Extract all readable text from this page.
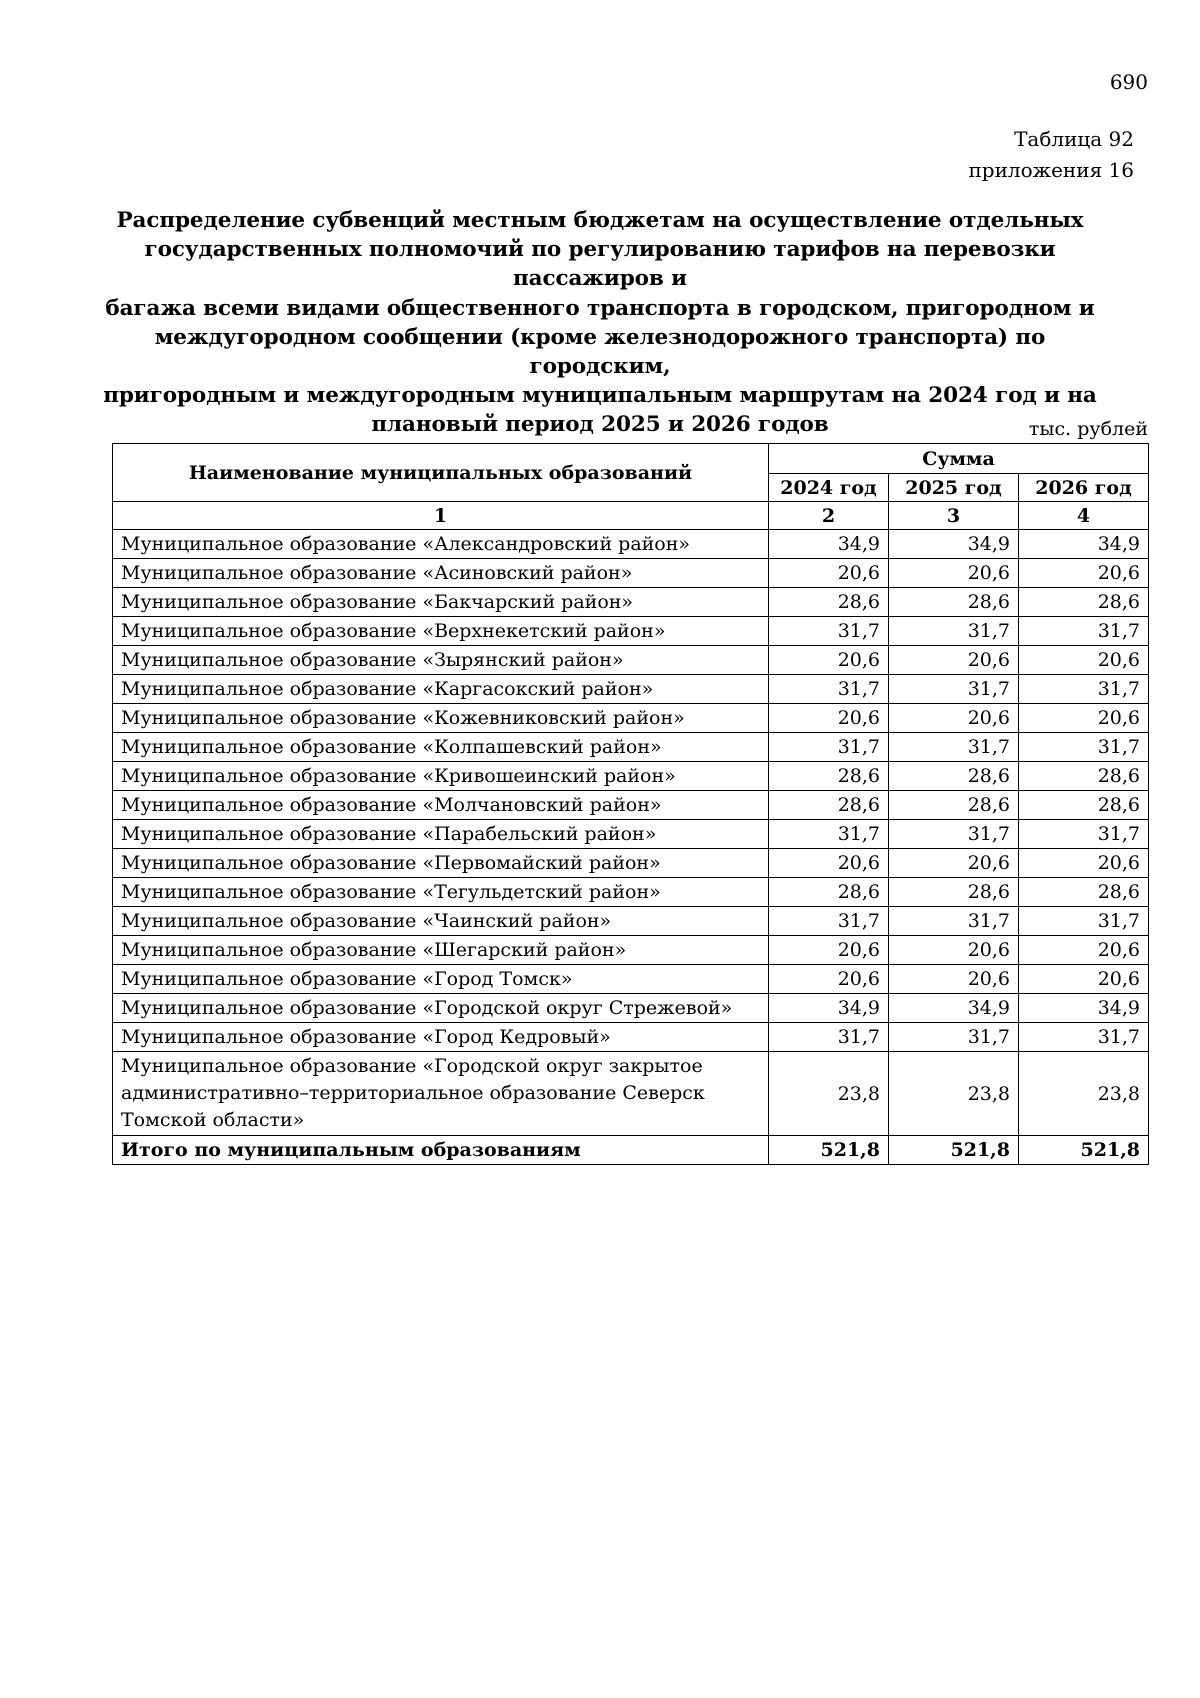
690
Таблица 92
приложения 16
Распределение субвенций местным бюджетам на осуществление отдельных
государственных полномочий по регулированию тарифов на перевозки пассажиров и
багажа всеми видами общественного транспорта в городском, пригородном и
междугородном сообщении (кроме железнодорожного транспорта) по городским,
пригородным и междугородным муниципальным маршрутам на 2024 год и на
плановый период 2025 и 2026 годов	тыс. рублей
Наименование муниципальных образований	Сумма		
	2024 год	2025 год	2026 год
1	2	3	4
Муниципальное образование «Александровский район»	34,9	34,9	34,9
Муниципальное образование «Асиновский район»	20,6	20,6	20,6
Муниципальное образование «Бакчарский район»	28,6	28,6	28,6
Муниципальное образование «Верхнекетский район»	31,7	31,7	31,7
Муниципальное образование «Зырянский район»	20,6	20,6	20,6
Муниципальное образование «Каргасокский район»	31,7	31,7	31,7
Муниципальное образование «Кожевниковский район»	20,6	20,6	20,6
Муниципальное образование «Колпашевский район»	31,7	31,7	31,7
Муниципальное образование «Кривошеинский район»	28,6	28,6	28,6
Муниципальное образование «Молчановский район»	28,6	28,6	28,6
Муниципальное образование «Парабельский район»	31,7	31,7	31,7
Муниципальное образование «Первомайский район»	20,6	20,6	20,6
Муниципальное образование «Тегульдетский район»	28,6	28,6	28,6
Муниципальное образование «Чаинский район»	31,7	31,7	31,7
Муниципальное образование «Шегарский район»	20,6	20,6	20,6
Муниципальное образование «Город Томск»	20,6	20,6	20,6
Муниципальное образование «Городской округ Стрежевой»	34,9	34,9	34,9
Муниципальное образование «Город Кедровый»	31,7	31,7	31,7
Муниципальное образование «Городской округ закрытое административно–территориальное образование Северск Томской области»	23,8	23,8	23,8
Итого по муниципальным образованиям	521,8	521,8	521,8
